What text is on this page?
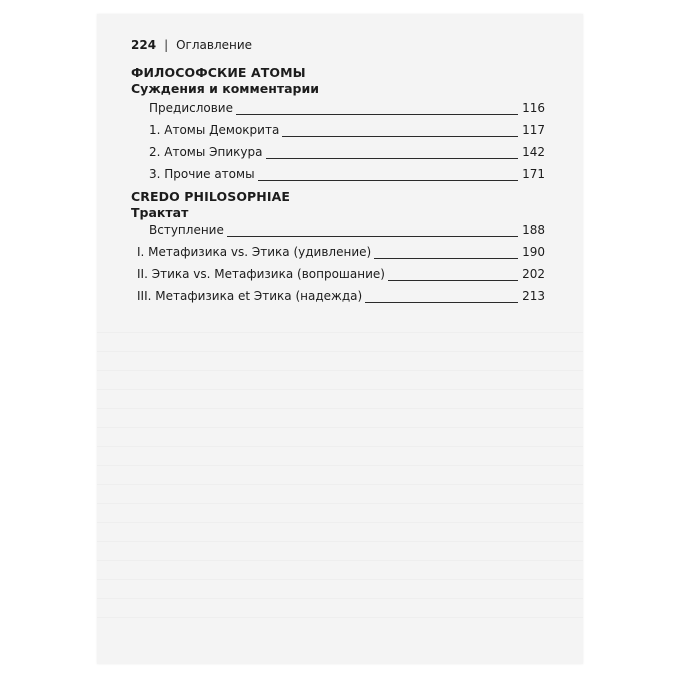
224 | Оглавление
ФИЛОСОФСКИЕ АТОМЫ
Суждения и комментарии
Предисловие	116
1. Атомы Демокрита	117
2. Атомы Эпикура	142
3. Прочие атомы	171
CREDO PHILOSOPHIAE
Трактат
Вступление	188
I. Метафизика vs. Этика (удивление)	190
II. Этика vs. Метафизика (вопрошание)	202
III. Метафизика et Этика (надежда)	213
